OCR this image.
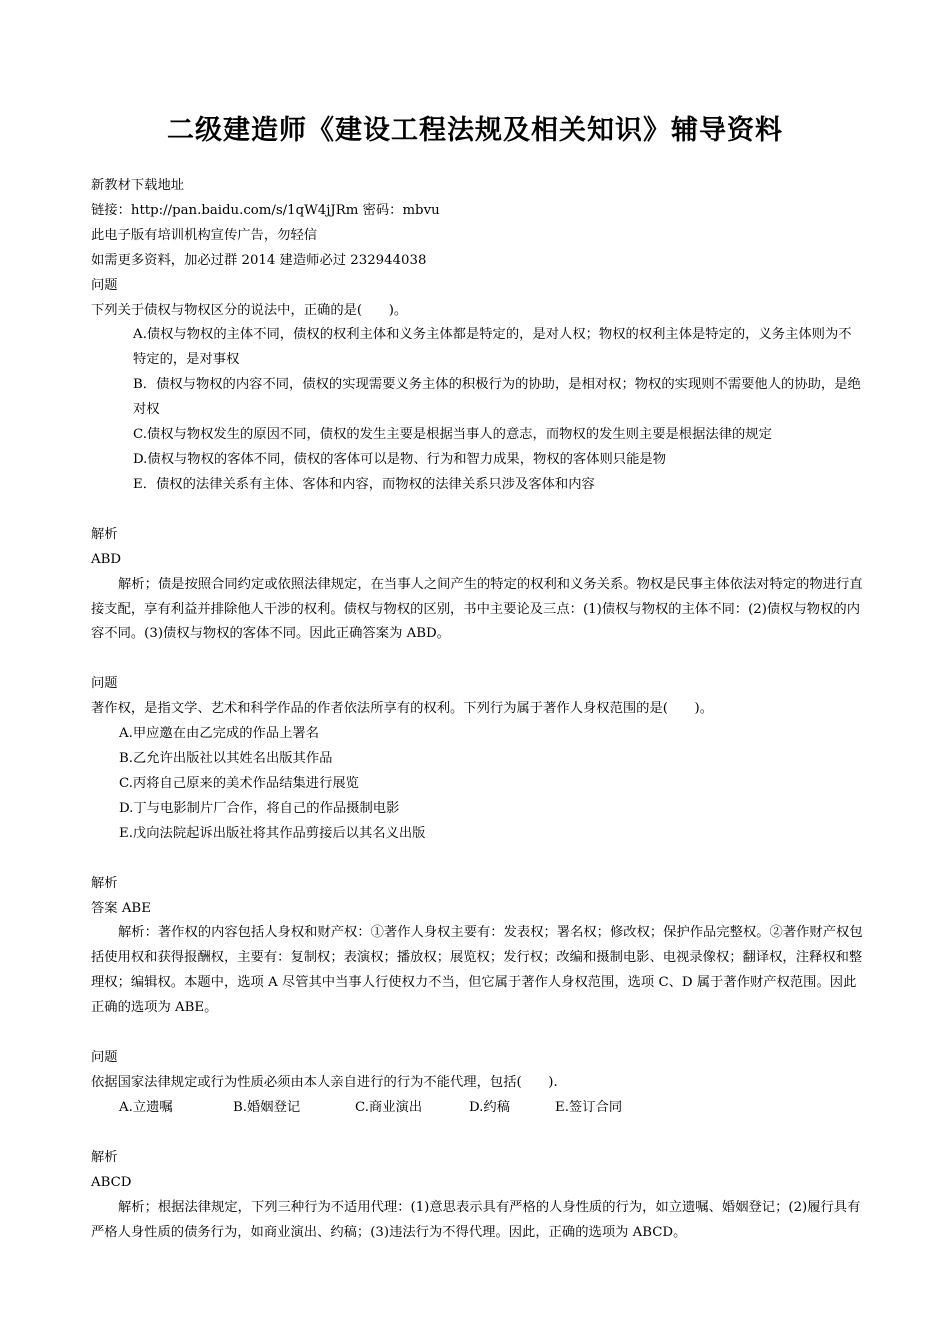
二级建造师《建设工程法规及相关知识》辅导资料

新教材下载地址

链接：http://pan.baidu.com/s/1qW4jJRm 密码：mbvu

此电子版有培训机构宣传广告，勿轻信

如需更多资料，加必过群 2014 建造师必过 232944038

问题

下列关于债权与物权区分的说法中，正确的是(　　)。

A.债权与物权的主体不同，债权的权利主体和义务主体都是特定的，是对人权；物权的权利主体是特定的，义务主体则为不特定的，是对事权

B．债权与物权的内容不同，债权的实现需要义务主体的积极行为的协助，是相对权；物权的实现则不需要他人的协助，是绝对权

C.债权与物权发生的原因不同，债权的发生主要是根据当事人的意志，而物权的发生则主要是根据法律的规定

D.债权与物权的客体不同，债权的客体可以是物、行为和智力成果，物权的客体则只能是物

E．债权的法律关系有主体、客体和内容，而物权的法律关系只涉及客体和内容

解析

ABD

解析；债是按照合同约定或依照法律规定，在当事人之间产生的特定的权利和义务关系。物权是民事主体依法对特定的物进行直接支配，享有利益并排除他人干涉的权利。债权与物权的区别，书中主要论及三点：(1)债权与物权的主体不同：(2)债权与物权的内容不同。(3)债权与物权的客体不同。因此正确答案为 ABD。

问题

著作权，是指文学、艺术和科学作品的作者依法所享有的权利。下列行为属于著作人身权范围的是(　　)。

A.甲应邀在由乙完成的作品上署名

B.乙允许出版社以其姓名出版其作品

C.丙将自己原来的美术作品结集进行展览

D.丁与电影制片厂合作，将自己的作品摄制电影

E.戊向法院起诉出版社将其作品剪接后以其名义出版

解析

答案 ABE

解析：著作权的内容包括人身权和财产权：①著作人身权主要有：发表权；署名权；修改权；保护作品完整权。②著作财产权包括使用权和获得报酬权，主要有：复制权；表演权；播放权；展览权；发行权；改编和摄制电影、电视录像权；翻译权，注释权和整理权；编辑权。本题中，选项 A 尽管其中当事人行使权力不当，但它属于著作人身权范围，选项 C、D 属于著作财产权范围。因此正确的选项为 ABE。

问题

依据国家法律规定或行为性质必须由本人亲自进行的行为不能代理，包括(　　).

A.立遗嘱	B.婚姻登记	C.商业演出	D.约稿	E.签订合同

解析

ABCD

解析；根据法律规定，下列三种行为不适用代理：(1)意思表示具有严格的人身性质的行为，如立遗嘱、婚姻登记；(2)履行具有严格人身性质的债务行为，如商业演出、约稿；(3)违法行为不得代理。因此，正确的选项为 ABCD。
